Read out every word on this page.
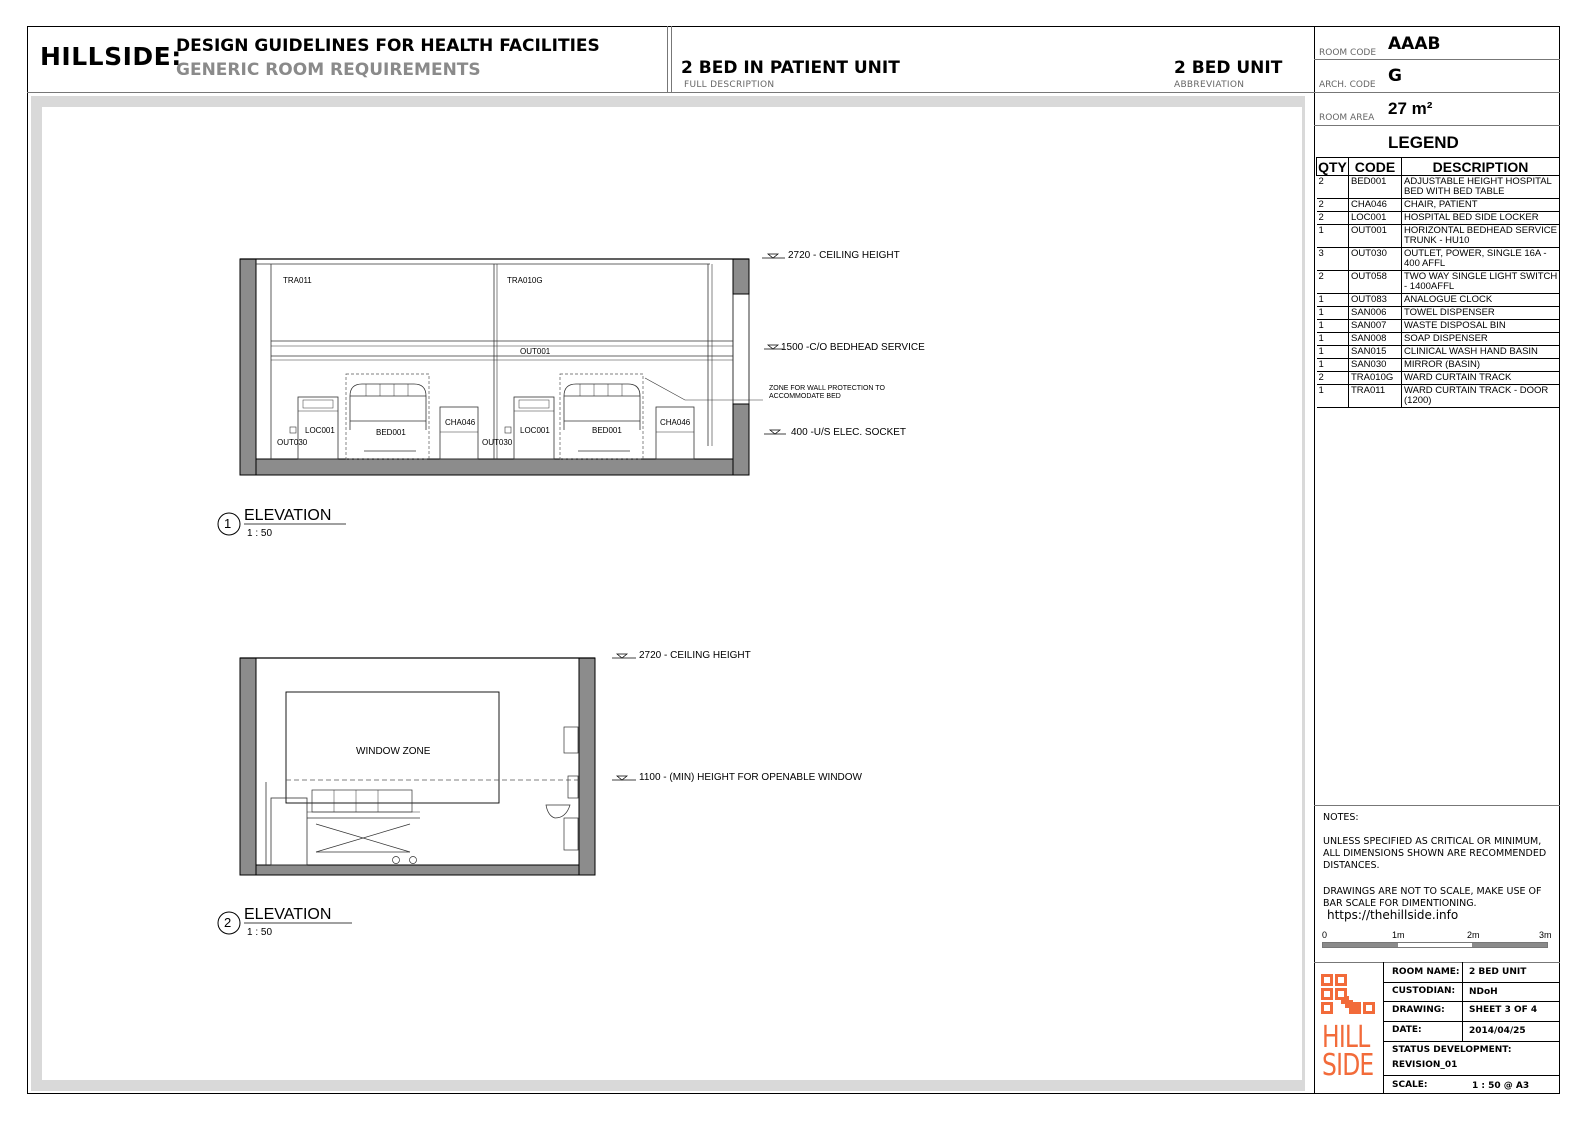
HILLSIDE:
DESIGN GUIDELINES FOR HEALTH FACILITIES
GENERIC ROOM REQUIREMENTS	2 BED IN PATIENT UNIT
FULL DESCRIPTION
2 BED UNIT
ABBREVIATION
TRA011	TRA010G
OUT001
LOC001	BED001
CHA046
OUT030	OUT030
LOC001	BED001
CHA046
ZONE FOR WALL PROTECTION TO ACCOMMODATE BED
2720 - CEILING HEIGHT
1500 -C/O BEDHEAD SERVICE
400 -U/S ELEC. SOCKET
1 ELEVATION
1 : 50
WINDOW ZONE
2720 - CEILING HEIGHT
1100 - (MIN) HEIGHT FOR OPENABLE WINDOW
2 ELEVATION
1 : 50
ROOM CODE AAAB
ARCH. CODE G
ROOM AREA 27 m²
LEGEND
QTY	CODE	DESCRIPTION
2	BED001	ADJUSTABLE HEIGHT HOSPITAL BED WITH BED TABLE
2	CHA046	CHAIR, PATIENT
2	LOC001	HOSPITAL BED SIDE LOCKER
1	OUT001	HORIZONTAL BEDHEAD SERVICE TRUNK - HU10
3	OUT030	OUTLET, POWER, SINGLE 16A - 400 AFFL
2	OUT058	TWO WAY SINGLE LIGHT SWITCH - 1400AFFL
1	OUT083	ANALOGUE CLOCK
1	SAN006	TOWEL DISPENSER
1	SAN007	WASTE DISPOSAL BIN
1	SAN008	SOAP DISPENSER
1	SAN015	CLINICAL WASH HAND BASIN
1	SAN030	MIRROR (BASIN)
2	TRA010G	WARD CURTAIN TRACK
1	TRA011	WARD CURTAIN TRACK - DOOR (1200)
NOTES:
UNLESS SPECIFIED AS CRITICAL OR MINIMUM, ALL DIMENSIONS SHOWN ARE RECOMMENDED DISTANCES.
DRAWINGS ARE NOT TO SCALE, MAKE USE OF BAR SCALE FOR DIMENTIONING.
https://thehillside.info
0	1m	2m	3m
ROOM NAME: 2 BED UNIT
CUSTODIAN: NDoH
DRAWING:	SHEET 3 OF 4
DATE:	2014/04/25
STATUS DEVELOPMENT:
REVISION_01
SCALE:	1 : 50 @ A3
HILL
SIDE
